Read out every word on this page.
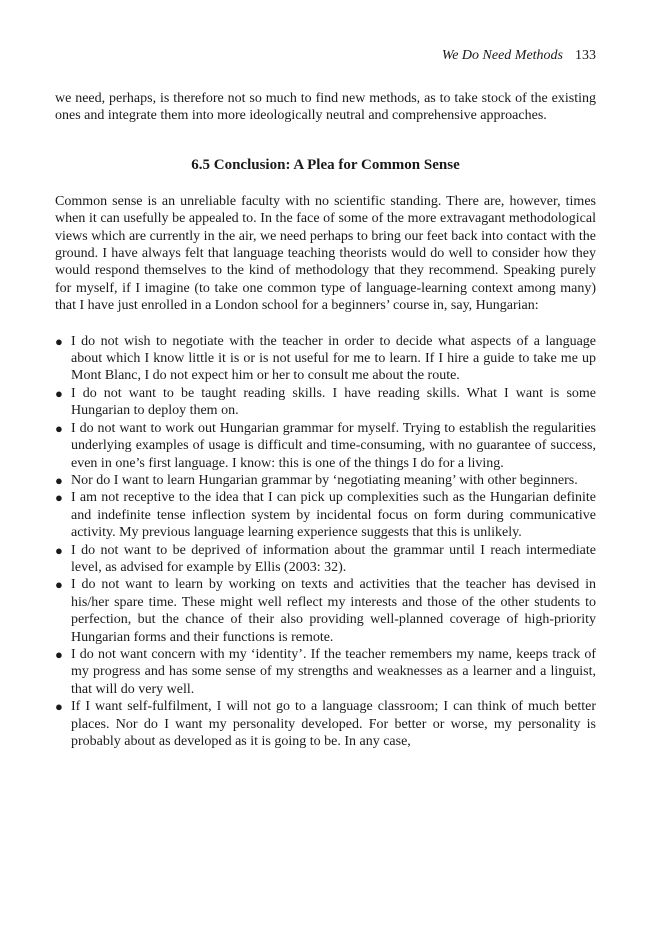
We Do Need Methods 133

we need, perhaps, is therefore not so much to find new methods, as to take stock of the existing ones and integrate them into more ideologically neutral and comprehensive approaches.

6.5 Conclusion: A Plea for Common Sense

Common sense is an unreliable faculty with no scientific standing. There are, however, times when it can usefully be appealed to. In the face of some of the more extravagant methodological views which are currently in the air, we need perhaps to bring our feet back into contact with the ground. I have always felt that language teaching theorists would do well to consider how they would respond themselves to the kind of methodology that they recommend. Speaking purely for myself, if I imagine (to take one common type of language-learning context among many) that I have just enrolled in a London school for a beginners’ course in, say, Hungarian:

● I do not wish to negotiate with the teacher in order to decide what aspects of a language about which I know little it is or is not useful for me to learn. If I hire a guide to take me up Mont Blanc, I do not expect him or her to consult me about the route.
● I do not want to be taught reading skills. I have reading skills. What I want is some Hungarian to deploy them on.
● I do not want to work out Hungarian grammar for myself. Trying to establish the regularities underlying examples of usage is difficult and time-consuming, with no guarantee of success, even in one’s first language. I know: this is one of the things I do for a living.
● Nor do I want to learn Hungarian grammar by ‘negotiating meaning’ with other beginners.
● I am not receptive to the idea that I can pick up complexities such as the Hungarian definite and indefinite tense inflection system by incidental focus on form during communicative activity. My previous language learning experience suggests that this is unlikely.
● I do not want to be deprived of information about the grammar until I reach intermediate level, as advised for example by Ellis (2003: 32).
● I do not want to learn by working on texts and activities that the teacher has devised in his/her spare time. These might well reflect my interests and those of the other students to perfection, but the chance of their also providing well-planned coverage of high-priority Hungarian forms and their functions is remote.
● I do not want concern with my ‘identity’. If the teacher remembers my name, keeps track of my progress and has some sense of my strengths and weaknesses as a learner and a linguist, that will do very well.
● If I want self-fulfilment, I will not go to a language classroom; I can think of much better places. Nor do I want my personality developed. For better or worse, my personality is probably about as developed as it is going to be. In any case,
